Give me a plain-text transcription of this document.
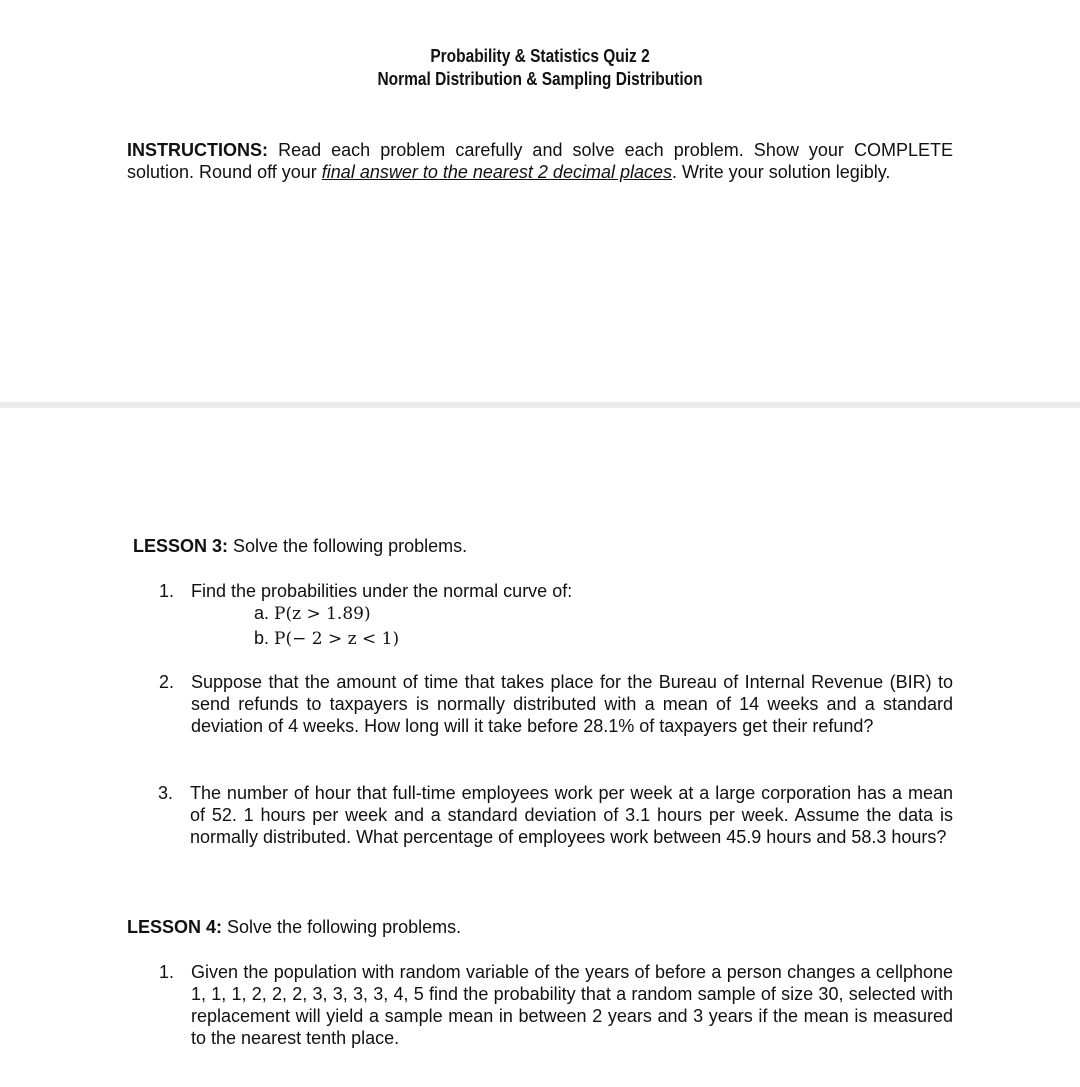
Probability & Statistics Quiz 2
Normal Distribution & Sampling Distribution
INSTRUCTIONS: Read each problem carefully and solve each problem. Show your COMPLETE solution. Round off your final answer to the nearest 2 decimal places. Write your solution legibly.
LESSON 3: Solve the following problems.
1. Find the probabilities under the normal curve of:
a. P(z > 1.89)
b. P(− 2 > z < 1)
2. Suppose that the amount of time that takes place for the Bureau of Internal Revenue (BIR) to send refunds to taxpayers is normally distributed with a mean of 14 weeks and a standard deviation of 4 weeks. How long will it take before 28.1% of taxpayers get their refund?
3. The number of hour that full-time employees work per week at a large corporation has a mean of 52. 1 hours per week and a standard deviation of 3.1 hours per week. Assume the data is normally distributed. What percentage of employees work between 45.9 hours and 58.3 hours?
LESSON 4: Solve the following problems.
1. Given the population with random variable of the years of before a person changes a cellphone 1, 1, 1, 2, 2, 2, 3, 3, 3, 3, 4, 5 find the probability that a random sample of size 30, selected with replacement will yield a sample mean in between 2 years and 3 years if the mean is measured to the nearest tenth place.
